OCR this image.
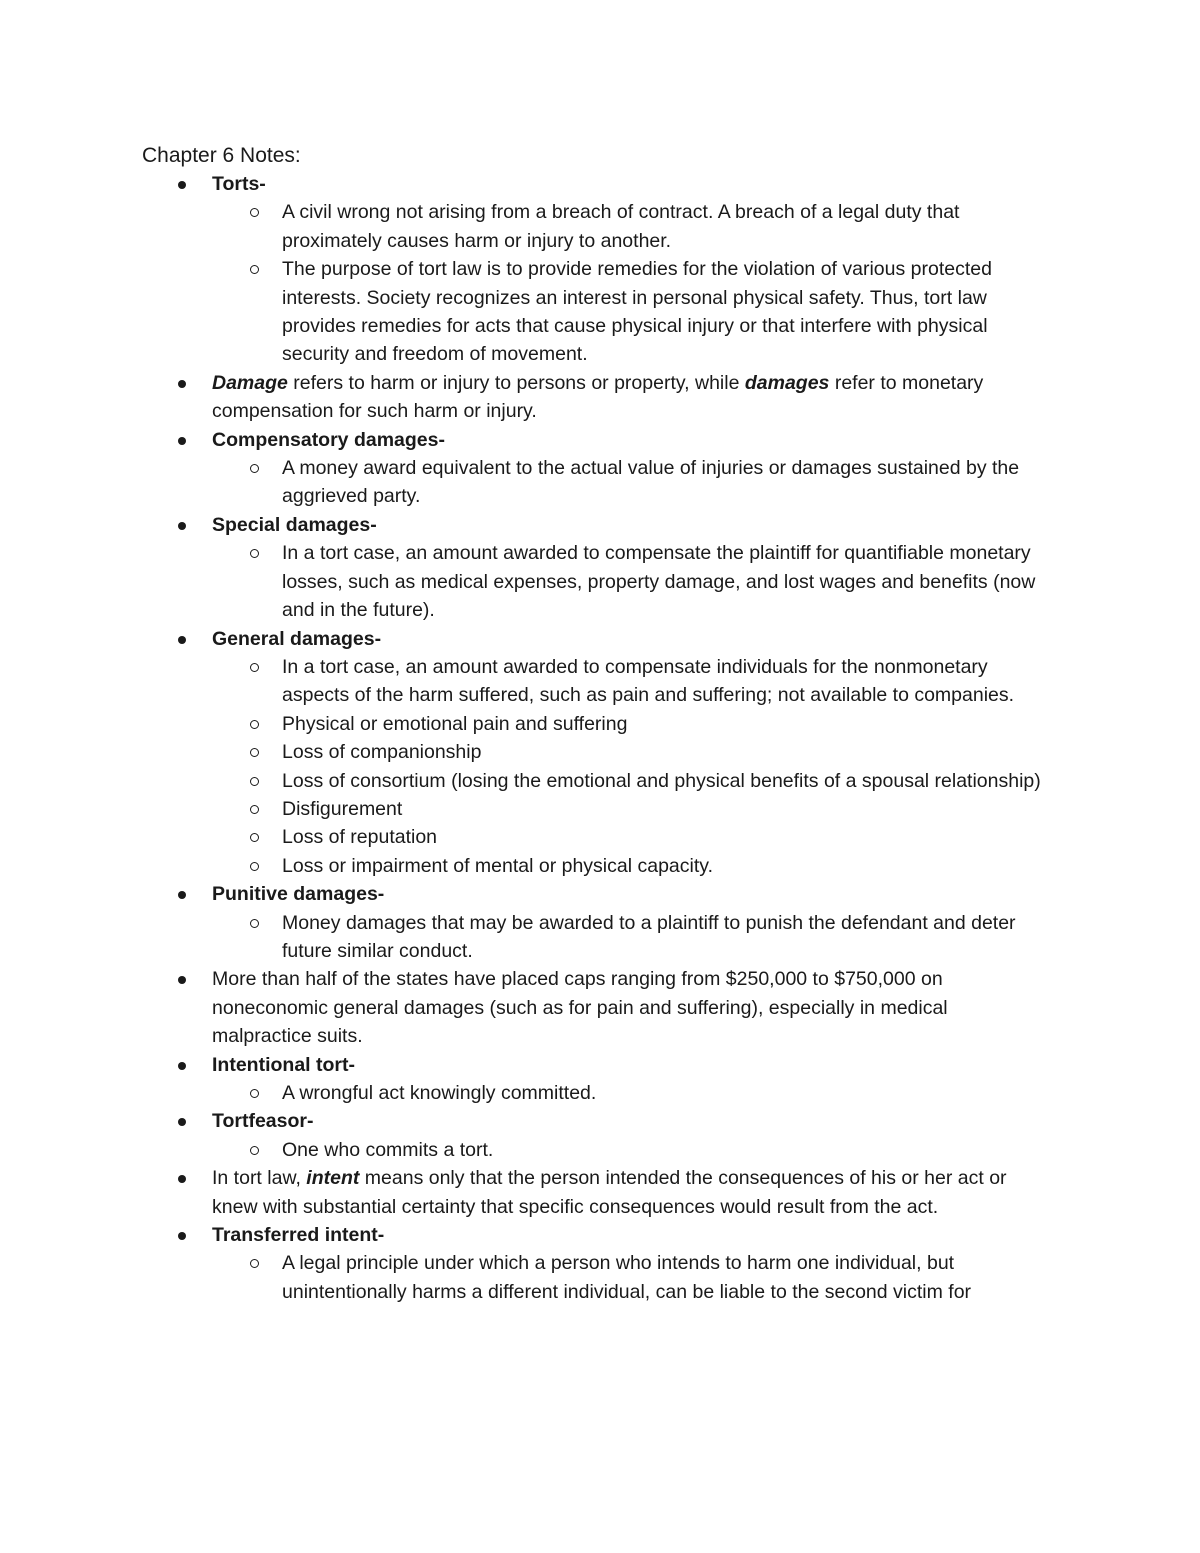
Chapter 6 Notes:
Torts-
A civil wrong not arising from a breach of contract. A breach of a legal duty that proximately causes harm or injury to another.
The purpose of tort law is to provide remedies for the violation of various protected interests. Society recognizes an interest in personal physical safety. Thus, tort law provides remedies for acts that cause physical injury or that interfere with physical security and freedom of movement.
Damage refers to harm or injury to persons or property, while damages refer to monetary compensation for such harm or injury.
Compensatory damages-
A money award equivalent to the actual value of injuries or damages sustained by the aggrieved party.
Special damages-
In a tort case, an amount awarded to compensate the plaintiff for quantifiable monetary losses, such as medical expenses, property damage, and lost wages and benefits (now and in the future).
General damages-
In a tort case, an amount awarded to compensate individuals for the nonmonetary aspects of the harm suffered, such as pain and suffering; not available to companies.
Physical or emotional pain and suffering
Loss of companionship
Loss of consortium (losing the emotional and physical benefits of a spousal relationship)
Disfigurement
Loss of reputation
Loss or impairment of mental or physical capacity.
Punitive damages-
Money damages that may be awarded to a plaintiff to punish the defendant and deter future similar conduct.
More than half of the states have placed caps ranging from $250,000 to $750,000 on noneconomic general damages (such as for pain and suffering), especially in medical malpractice suits.
Intentional tort-
A wrongful act knowingly committed.
Tortfeasor-
One who commits a tort.
In tort law, intent means only that the person intended the consequences of his or her act or knew with substantial certainty that specific consequences would result from the act.
Transferred intent-
A legal principle under which a person who intends to harm one individual, but unintentionally harms a different individual, can be liable to the second victim for
